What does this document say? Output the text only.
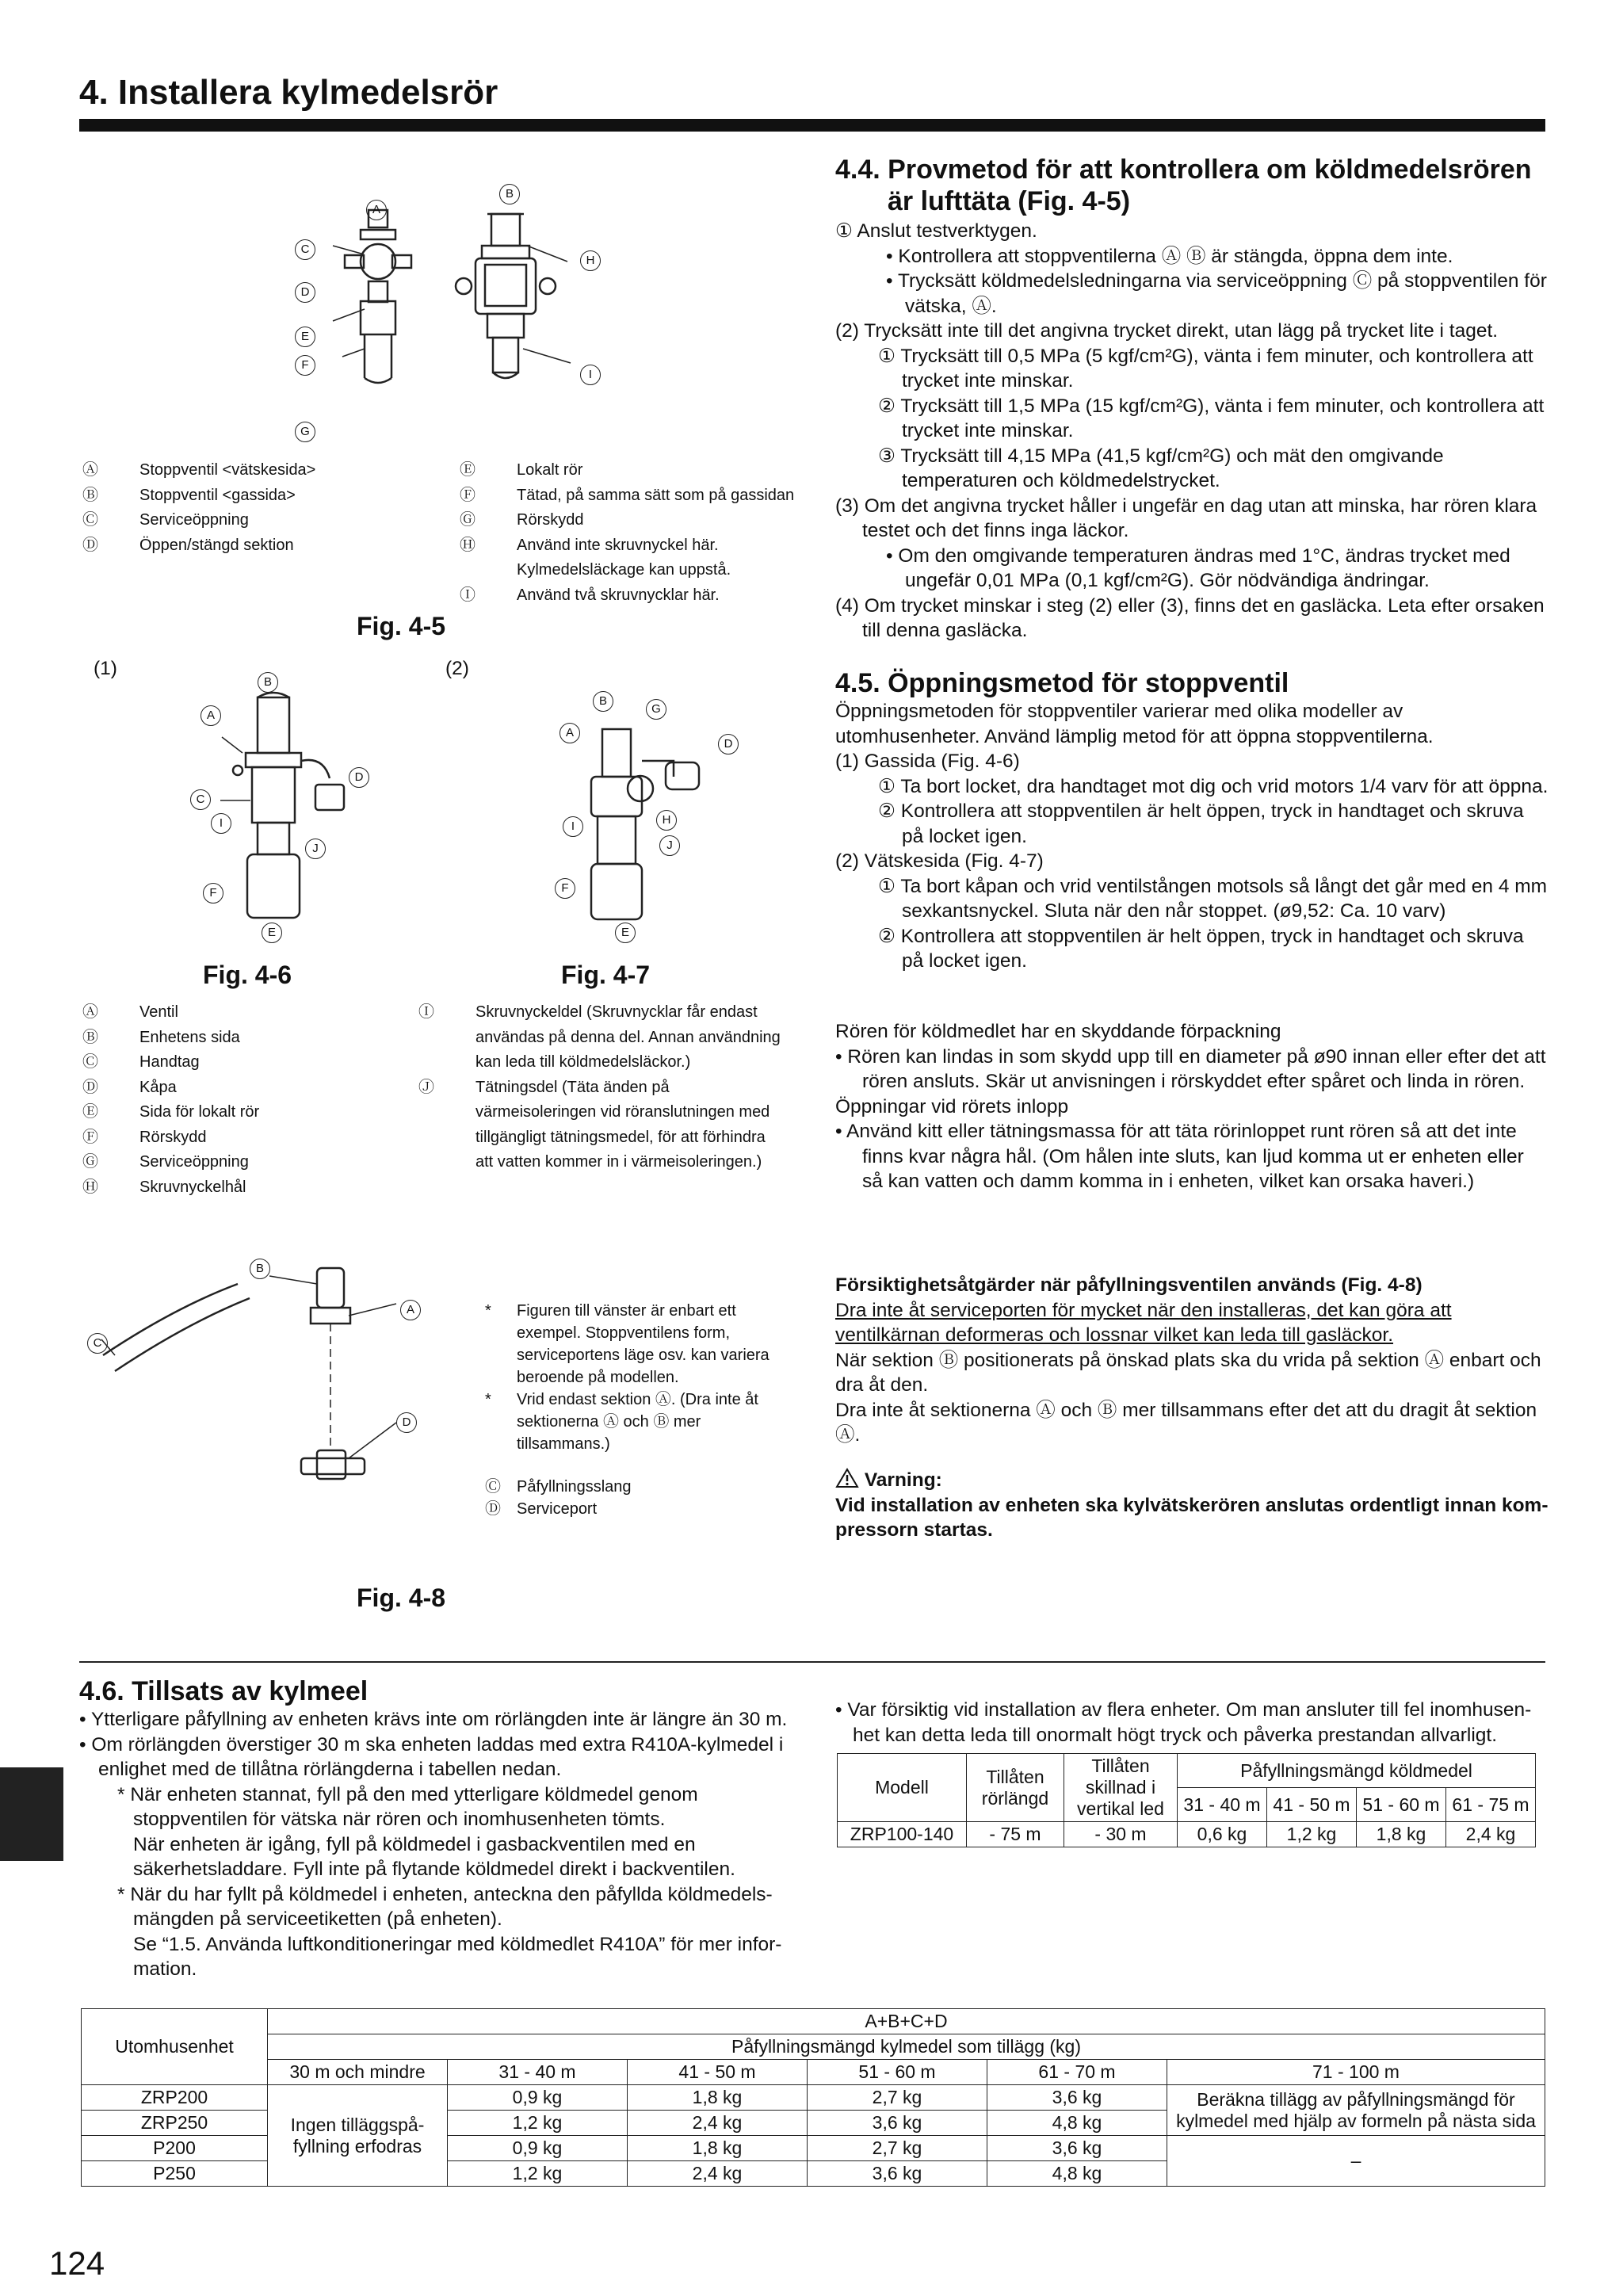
4. Installera kylmedelsrör
A
B
C
D
E
F
G
H
I

Ⓐ	Stoppventil <vätskesida>

Ⓑ	Stoppventil <gassida>

Ⓒ	Serviceöppning

Ⓓ	Öppen/stängd sektion

Ⓔ	Lokalt rör

Ⓕ	Tätad, på samma sätt som på gassidan

Ⓖ	Rörskydd

Ⓗ	Använd inte skruvnyckel här. Kylmedelsläckage kan uppstå.

Ⓘ	Använd två skruvnycklar här.

Fig. 4-5
(1)	(2)
B
A
D
C
I
J
F
E
Fig. 4-6
B
G
A
D
I	H
J
F
E
Fig. 4-7

Ⓐ	Ventil

Ⓑ	Enhetens sida

Ⓒ	Handtag

Ⓓ	Kåpa

Ⓔ	Sida för lokalt rör

Ⓕ	Rörskydd

Ⓖ	Serviceöppning

Ⓗ	Skruvnyckelhål

Ⓘ	Skruvnyckeldel (Skruvnycklar får endast användas på denna del. Annan användning kan leda till köldmedelsläckor.)

Ⓙ	Tätningsdel (Täta änden på värmeisoleringen vid röranslutningen med tillgängligt tätningsmedel, för att förhindra att vatten kommer in i värmeisoleringen.)

B
A
C
D

* Figuren till vänster är enbart ett exempel. Stoppventilens form, serviceportens läge osv. kan variera beroende på modellen.

* Vrid endast sektion Ⓐ. (Dra inte åt sektionerna Ⓐ och Ⓑ mer tillsammans.)

Ⓒ Påfyllningsslang

Ⓓ Serviceport

Fig. 4-8
4.4. Provmetod för att kontrollera om köldmedelsrören
är lufttäta (Fig. 4-5)

① Anslut testverktygen.

• Kontrollera att stoppventilerna Ⓐ Ⓑ är stängda, öppna dem inte.

• Trycksätt köldmedelsledningarna via serviceöppning Ⓒ på stoppventilen för vätska, Ⓐ.

(2) Trycksätt inte till det angivna trycket direkt, utan lägg på trycket lite i taget.

① Trycksätt till 0,5 MPa (5 kgf/cm²G), vänta i fem minuter, och kontrollera att trycket inte minskar.

② Trycksätt till 1,5 MPa (15 kgf/cm²G), vänta i fem minuter, och kontrollera att trycket inte minskar.

③ Trycksätt till 4,15 MPa (41,5 kgf/cm²G) och mät den omgivande temperaturen och köldmedelstrycket.

(3) Om det angivna trycket håller i ungefär en dag utan att minska, har rören klara testet och det finns inga läckor.

• Om den omgivande temperaturen ändras med 1°C, ändras trycket med ungefär 0,01 MPa (0,1 kgf/cm²G). Gör nödvändiga ändringar.

(4) Om trycket minskar i steg (2) eller (3), finns det en gasläcka. Leta efter orsaken till denna gasläcka.

4.5. Öppningsmetod för stoppventil

Öppningsmetoden för stoppventiler varierar med olika modeller av utomhusenheter. Använd lämplig metod för att öppna stoppventilerna.

(1) Gassida (Fig. 4-6)

① Ta bort locket, dra handtaget mot dig och vrid motors 1/4 varv för att öppna.

② Kontrollera att stoppventilen är helt öppen, tryck in handtaget och skruva på locket igen.

(2) Vätskesida (Fig. 4-7)

① Ta bort kåpan och vrid ventilstången motsols så långt det går med en 4 mm sexkantsnyckel. Sluta när den når stoppet. (ø9,52: Ca. 10 varv)

② Kontrollera att stoppventilen är helt öppen, tryck in handtaget och skruva på locket igen.

Rören för köldmedlet har en skyddande förpackning

• Rören kan lindas in som skydd upp till en diameter på ø90 innan eller efter det att rören ansluts. Skär ut anvisningen i rörskyddet efter spåret och linda in rören.

Öppningar vid rörets inlopp

• Använd kitt eller tätningsmassa för att täta rörinloppet runt rören så att det inte finns kvar några hål. (Om hålen inte sluts, kan ljud komma ut er enheten eller så kan vatten och damm komma in i enheten, vilket kan orsaka haveri.)

Försiktighetsåtgärder när påfyllningsventilen används (Fig. 4-8)

Dra inte åt serviceporten för mycket när den installeras, det kan göra att ventilkärnan deformeras och lossnar vilket kan leda till gasläckor.

När sektion Ⓑ positionerats på önskad plats ska du vrida på sektion Ⓐ enbart och dra åt den.

Dra inte åt sektionerna Ⓐ och Ⓑ mer tillsammans efter det att du dragit åt sektion Ⓐ.

Varning:

Vid installation av enheten ska kylvätskerören anslutas ordentligt innan kompressorn startas.

4.6. Tillsats av kylmeel

• Ytterligare påfyllning av enheten krävs inte om rörlängden inte är längre än 30 m.

• Om rörlängden överstiger 30 m ska enheten laddas med extra R410A-kylmedel i enlighet med de tillåtna rörlängderna i tabellen nedan.

* När enheten stannat, fyll på den med ytterligare köldmedel genom stoppventilen för vätska när rören och inomhusenheten tömts.

När enheten är igång, fyll på köldmedel i gasbackventilen med en säkerhetsladdare. Fyll inte på flytande köldmedel direkt i backventilen.

* När du har fyllt på köldmedel i enheten, anteckna den påfyllda köldmedelsmängden på serviceetiketten (på enheten).

Se “1.5. Använda luftkonditioneringar med köldmedlet R410A” för mer information.

• Var försiktig vid installation av flera enheter. Om man ansluter till fel inomhusenhet kan detta leda till onormalt högt tryck och påverka prestandan allvarligt.

Modell	Tillåten rörlängd	Tillåten skillnad i vertikal led	Påfyllningsmängd köldmedel			
			31 - 40 m	41 - 50 m	51 - 60 m	61 - 75 m
ZRP100-140	- 75 m	- 30 m	0,6 kg	1,2 kg	1,8 kg	2,4 kg
Utomhusenhet	A+B+C+D					
	Påfyllningsmängd kylmedel som tillägg (kg)					
	30 m och mindre	31 - 40 m	41 - 50 m	51 - 60 m	61 - 70 m	71 - 100 m
ZRP200	Ingen tilläggspåfyllning erfodras	0,9 kg	1,8 kg	2,7 kg	3,6 kg	Beräkna tillägg av påfyllningsmängd för kylmedel med hjälp av formeln på nästa sida
ZRP250		1,2 kg	2,4 kg	3,6 kg	4,8 kg	
P200		0,9 kg	1,8 kg	2,7 kg	3,6 kg	–
P250		1,2 kg	2,4 kg	3,6 kg	4,8 kg	
124
